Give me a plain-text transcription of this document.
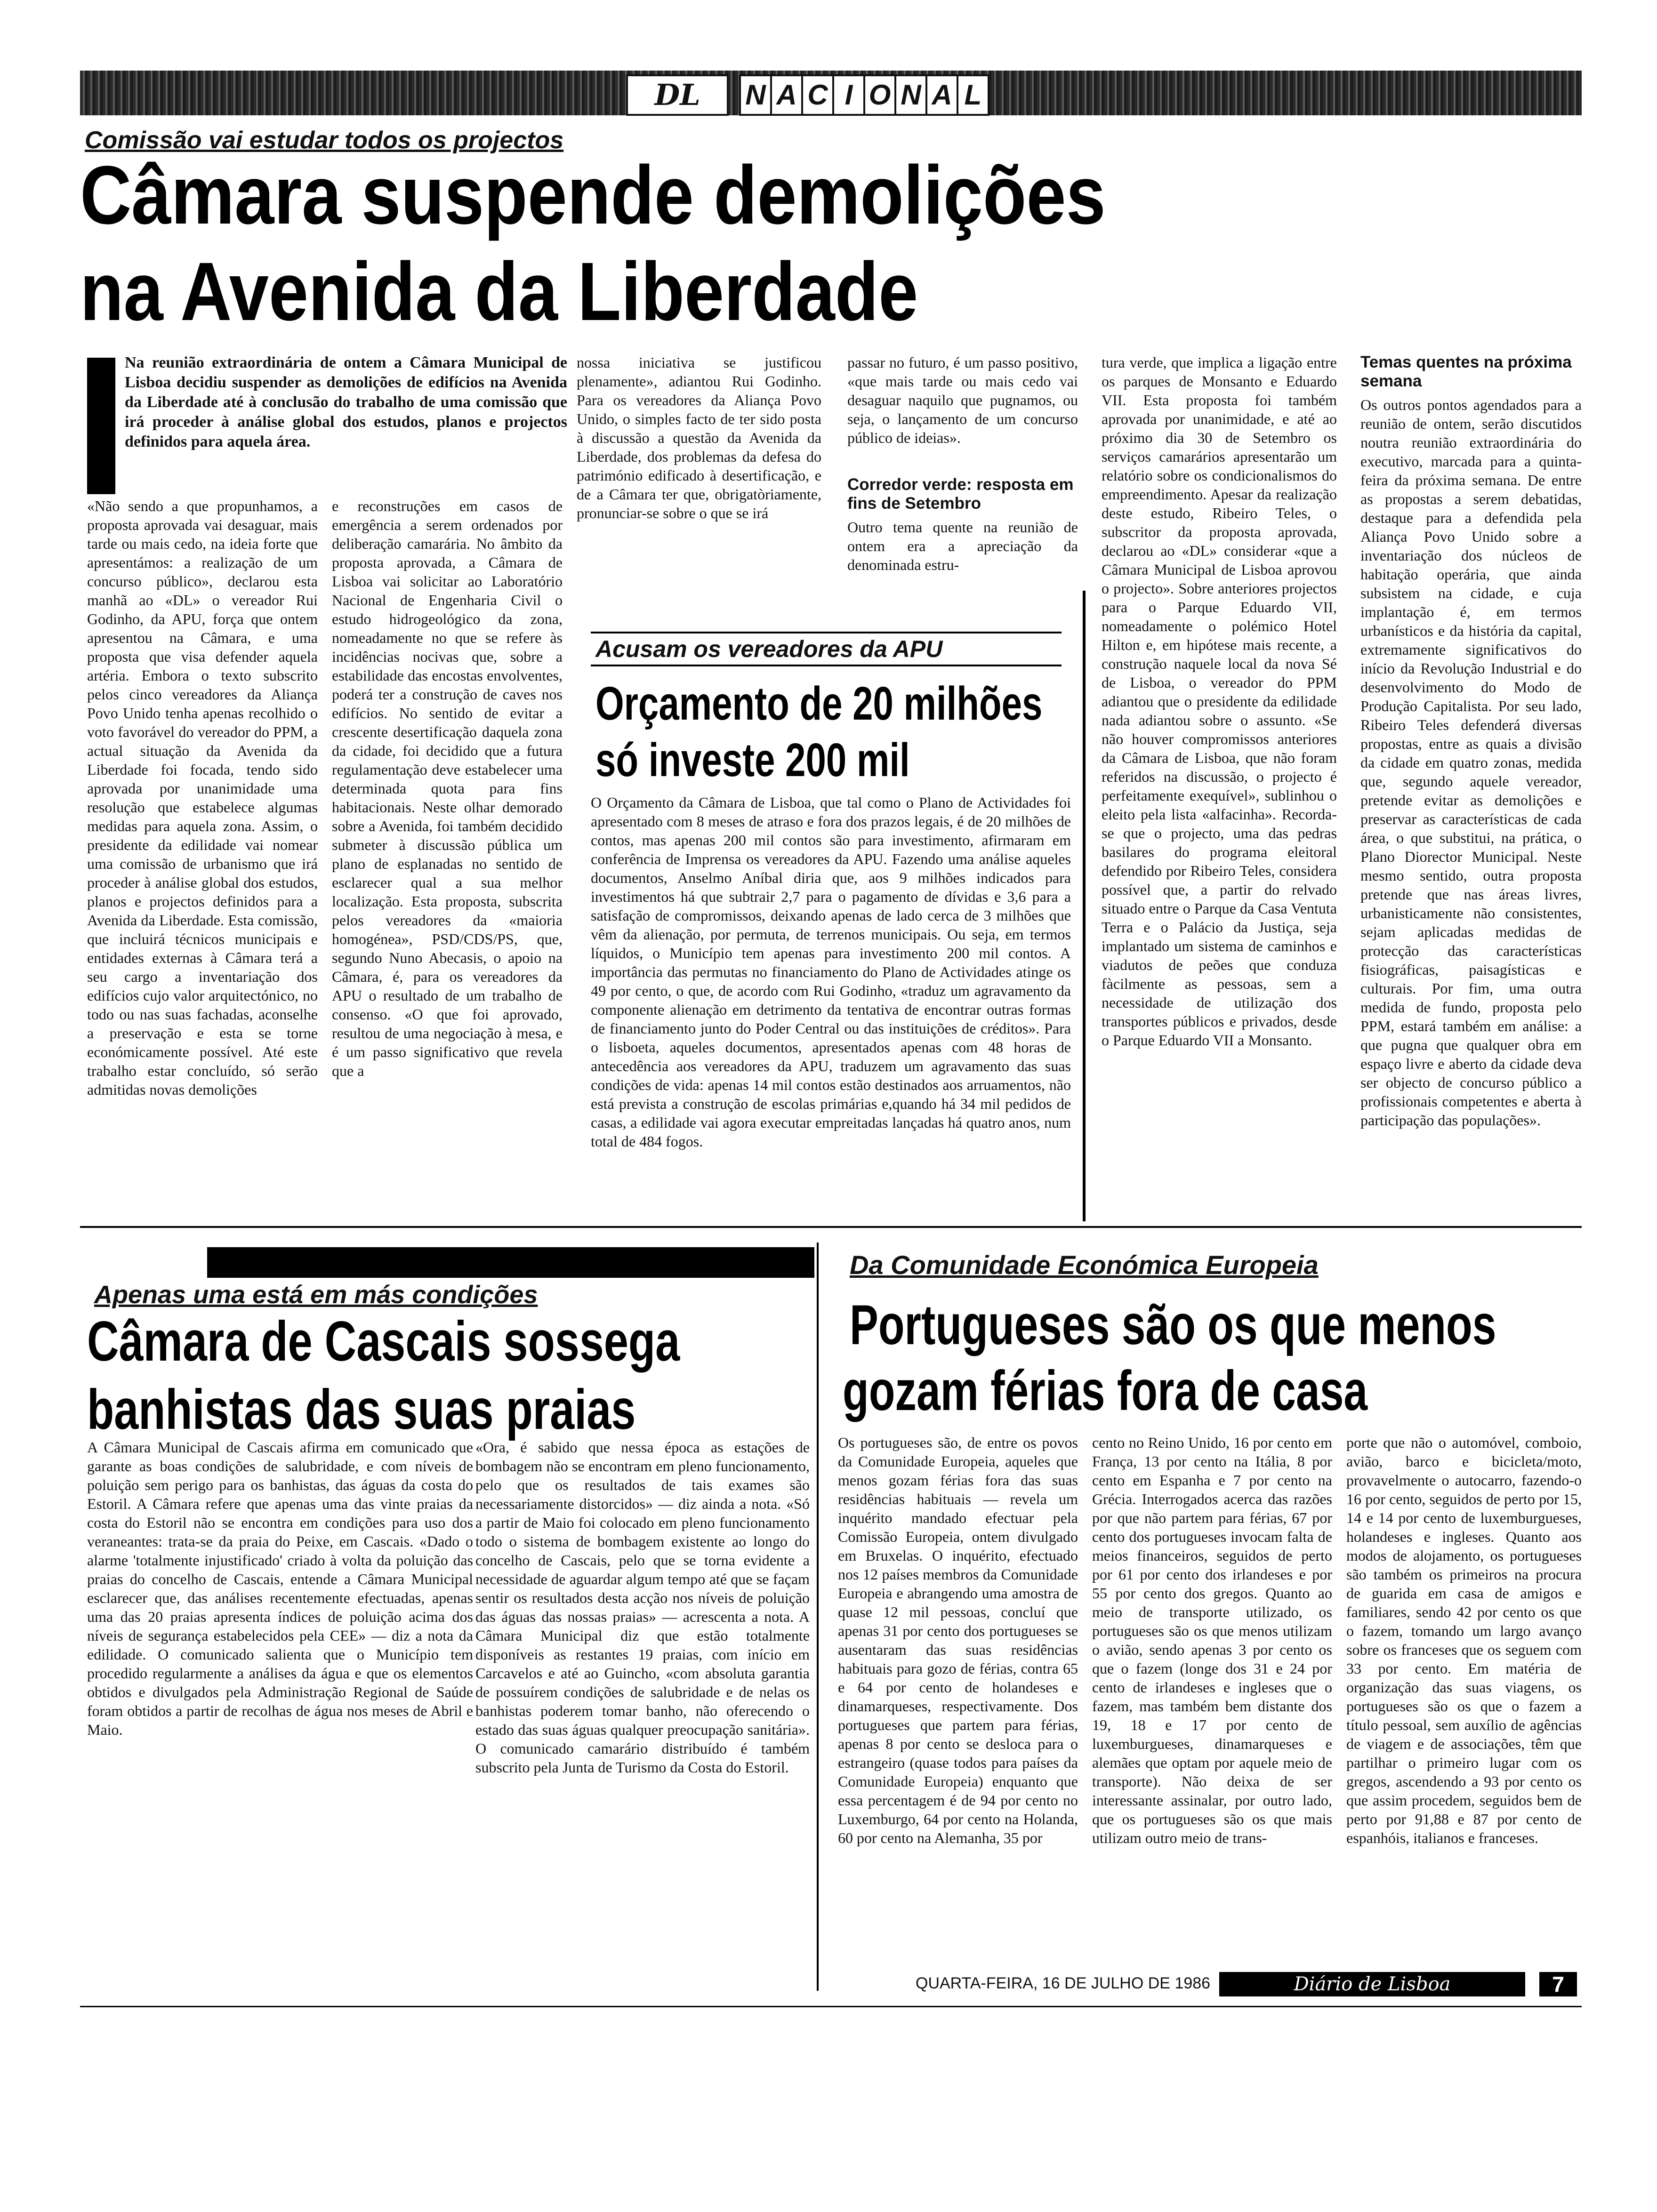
DL	N A C I O N A L
Comissão vai estudar todos os projectos
Câmara suspende demolições
na Avenida da Liberdade
Na reunião extraordinária de ontem a Câmara Municipal de Lisboa decidiu suspender as demolições de edifícios na Avenida da Liberdade até à conclusão do trabalho de uma comissão que irá proceder à análise global dos estudos, planos e projectos definidos para aquela área.
«Não sendo a que propunhamos, a proposta aprovada vai desaguar, mais tarde ou mais cedo, na ideia forte que apresentámos: a realização de um concurso público», declarou esta manhã ao «DL» o vereador Rui Godinho, da APU, força que ontem apresentou na Câmara, e uma proposta que visa defender aquela artéria. Embora o texto subscrito pelos cinco vereadores da Aliança Povo Unido tenha apenas recolhido o voto favorável do vereador do PPM, a actual situação da Avenida da Liberdade foi focada, tendo sido aprovada por unanimidade uma resolução que estabelece algumas medidas para aquela zona. Assim, o presidente da edilidade vai nomear uma comissão de urbanismo que irá proceder à análise global dos estudos, planos e projectos definidos para a Avenida da Liberdade. Esta comissão, que incluirá técnicos municipais e entidades externas à Câmara terá a seu cargo a inventariação dos edifícios cujo valor arquitectónico, no todo ou nas suas fachadas, aconselhe a preservação e esta se torne económicamente possível. Até este trabalho estar concluído, só serão admitidas novas demolições
e reconstruções em casos de emergência a serem ordenados por deliberação camarária. No âmbito da proposta aprovada, a Câmara de Lisboa vai solicitar ao Laboratório Nacional de Engenharia Civil o estudo hidrogeológico da zona, nomeadamente no que se refere às incidências nocivas que, sobre a estabilidade das encostas envolventes, poderá ter a construção de caves nos edifícios. No sentido de evitar a crescente desertificação daquela zona da cidade, foi decidido que a futura regulamentação deve estabelecer uma determinada quota para fins habitacionais. Neste olhar demorado sobre a Avenida, foi também decidido submeter à discussão pública um plano de esplanadas no sentido de esclarecer qual a sua melhor localização. Esta proposta, subscrita pelos vereadores da «maioria homogénea», PSD/CDS/PS, que, segundo Nuno Abecasis, o apoio na Câmara, é, para os vereadores da APU o resultado de um trabalho de consenso. «O que foi aprovado, resultou de uma negociação à mesa, e é um passo significativo que revela que a
nossa iniciativa se justificou plenamente», adiantou Rui Godinho. Para os vereadores da Aliança Povo Unido, o simples facto de ter sido posta à discussão a questão da Avenida da Liberdade, dos problemas da defesa do património edificado à desertificação, e de a Câmara ter que, obrigatòriamente, pronunciar-se sobre o que se irá
passar no futuro, é um passo positivo, «que mais tarde ou mais cedo vai desaguar naquilo que pugnamos, ou seja, o lançamento de um concurso público de ideias».
Corredor verde: resposta em fins de Setembro
Outro tema quente na reunião de ontem era a apreciação da denominada estru-
tura verde, que implica a ligação entre os parques de Monsanto e Eduardo VII. Esta proposta foi também aprovada por unanimidade, e até ao próximo dia 30 de Setembro os serviços camarários apresentarão um relatório sobre os condicionalismos do empreendimento. Apesar da realização deste estudo, Ribeiro Teles, o subscritor da proposta aprovada, declarou ao «DL» considerar «que a Câmara Municipal de Lisboa aprovou o projecto». Sobre anteriores projectos para o Parque Eduardo VII, nomeadamente o polémico Hotel Hilton e, em hipótese mais recente, a construção naquele local da nova Sé de Lisboa, o vereador do PPM adiantou que o presidente da edilidade nada adiantou sobre o assunto. «Se não houver compromissos anteriores da Câmara de Lisboa, que não foram referidos na discussão, o projecto é perfeitamente exequível», sublinhou o eleito pela lista «alfacinha». Recorda-se que o projecto, uma das pedras basilares do programa eleitoral defendido por Ribeiro Teles, considera possível que, a partir do relvado situado entre o Parque da Casa Ventuta Terra e o Palácio da Justiça, seja implantado um sistema de caminhos e viadutos de peões que conduza fàcilmente as pessoas, sem a necessidade de utilização dos transportes públicos e privados, desde o Parque Eduardo VII a Monsanto.
Temas quentes na próxima semana
Os outros pontos agendados para a reunião de ontem, serão discutidos noutra reunião extraordinária do executivo, marcada para a quinta-feira da próxima semana. De entre as propostas a serem debatidas, destaque para a defendida pela Aliança Povo Unido sobre a inventariação dos núcleos de habitação operária, que ainda subsistem na cidade, e cuja implantação é, em termos urbanísticos e da história da capital, extremamente significativos do início da Revolução Industrial e do desenvolvimento do Modo de Produção Capitalista. Por seu lado, Ribeiro Teles defenderá diversas propostas, entre as quais a divisão da cidade em quatro zonas, medida que, segundo aquele vereador, pretende evitar as demolições e preservar as características de cada área, o que substitui, na prática, o Plano Diorector Municipal. Neste mesmo sentido, outra proposta pretende que nas áreas livres, urbanisticamente não consistentes, sejam aplicadas medidas de protecção das características fisiográficas, paisagísticas e culturais. Por fim, uma outra medida de fundo, proposta pelo PPM, estará também em análise: a que pugna que qualquer obra em espaço livre e aberto da cidade deva ser objecto de concurso público a profissionais competentes e aberta à participação das populações».
Acusam os vereadores da APU
Orçamento de 20 milhões
só investe 200 mil
O Orçamento da Câmara de Lisboa, que tal como o Plano de Actividades foi apresentado com 8 meses de atraso e fora dos prazos legais, é de 20 milhões de contos, mas apenas 200 mil contos são para investimento, afirmaram em conferência de Imprensa os vereadores da APU. Fazendo uma análise aqueles documentos, Anselmo Aníbal diria que, aos 9 milhões indicados para investimentos há que subtrair 2,7 para o pagamento de dívidas e 3,6 para a satisfação de compromissos, deixando apenas de lado cerca de 3 milhões que vêm da alienação, por permuta, de terrenos municipais. Ou seja, em termos líquidos, o Município tem apenas para investimento 200 mil contos. A importância das permutas no financiamento do Plano de Actividades atinge os 49 por cento, o que, de acordo com Rui Godinho, «traduz um agravamento da componente alienação em detrimento da tentativa de encontrar outras formas de financiamento junto do Poder Central ou das instituições de créditos». Para o lisboeta, aqueles documentos, apresentados apenas com 48 horas de antecedência aos vereadores da APU, traduzem um agravamento das suas condições de vida: apenas 14 mil contos estão destinados aos arruamentos, não está prevista a construção de escolas primárias e,quando há 34 mil pedidos de casas, a edilidade vai agora executar empreitadas lançadas há quatro anos, num total de 484 fogos.
Apenas uma está em más condições
Câmara de Cascais sossega
banhistas das suas praias
A Câmara Municipal de Cascais afirma em comunicado que garante as boas condições de salubridade, e com níveis de poluição sem perigo para os banhistas, das águas da costa do Estoril. A Câmara refere que apenas uma das vinte praias da costa do Estoril não se encontra em condições para uso dos veraneantes: trata-se da praia do Peixe, em Cascais. «Dado o alarme 'totalmente injustificado' criado à volta da poluição das praias do concelho de Cascais, entende a Câmara Municipal esclarecer que, das análises recentemente efectuadas, apenas uma das 20 praias apresenta índices de poluição acima dos níveis de segurança estabelecidos pela CEE» — diz a nota da edilidade. O comunicado salienta que o Município tem procedido regularmente a análises da água e que os elementos obtidos e divulgados pela Administração Regional de Saúde foram obtidos a partir de recolhas de água nos meses de Abril e Maio.
«Ora, é sabido que nessa época as estações de bombagem não se encontram em pleno funcionamento, pelo que os resultados de tais exames são necessariamente distorcidos» — diz ainda a nota. «Só a partir de Maio foi colocado em pleno funcionamento todo o sistema de bombagem existente ao longo do concelho de Cascais, pelo que se torna evidente a necessidade de aguardar algum tempo até que se façam sentir os resultados desta acção nos níveis de poluição das águas das nossas praias» — acrescenta a nota. A Câmara Municipal diz que estão totalmente disponíveis as restantes 19 praias, com início em Carcavelos e até ao Guincho, «com absoluta garantia de possuírem condições de salubridade e de nelas os banhistas poderem tomar banho, não oferecendo o estado das suas águas qualquer preocupação sanitária». O comunicado camarário distribuído é também subscrito pela Junta de Turismo da Costa do Estoril.
Da Comunidade Económica Europeia
Portugueses são os que menos
gozam férias fora de casa
Os portugueses são, de entre os povos da Comunidade Europeia, aqueles que menos gozam férias fora das suas residências habituais — revela um inquérito mandado efectuar pela Comissão Europeia, ontem divulgado em Bruxelas. O inquérito, efectuado nos 12 países membros da Comunidade Europeia e abrangendo uma amostra de quase 12 mil pessoas, concluí que apenas 31 por cento dos portugueses se ausentaram das suas residências habituais para gozo de férias, contra 65 e 64 por cento de holandeses e dinamarqueses, respectivamente. Dos portugueses que partem para férias, apenas 8 por cento se desloca para o estrangeiro (quase todos para países da Comunidade Europeia) enquanto que essa percentagem é de 94 por cento no Luxemburgo, 64 por cento na Holanda, 60 por cento na Alemanha, 35 por
cento no Reino Unido, 16 por cento em França, 13 por cento na Itália, 8 por cento em Espanha e 7 por cento na Grécia. Interrogados acerca das razões por que não partem para férias, 67 por cento dos portugueses invocam falta de meios financeiros, seguidos de perto por 61 por cento dos irlandeses e por 55 por cento dos gregos. Quanto ao meio de transporte utilizado, os portugueses são os que menos utilizam o avião, sendo apenas 3 por cento os que o fazem (longe dos 31 e 24 por cento de irlandeses e ingleses que o fazem, mas também bem distante dos 19, 18 e 17 por cento de luxemburgueses, dinamarqueses e alemães que optam por aquele meio de transporte). Não deixa de ser interessante assinalar, por outro lado, que os portugueses são os que mais utilizam outro meio de trans-
porte que não o automóvel, comboio, avião, barco e bicicleta/moto, provavelmente o autocarro, fazendo-o 16 por cento, seguidos de perto por 15, 14 e 14 por cento de luxemburgueses, holandeses e ingleses. Quanto aos modos de alojamento, os portugueses são também os primeiros na procura de guarida em casa de amigos e familiares, sendo 42 por cento os que o fazem, tomando um largo avanço sobre os franceses que os seguem com 33 por cento. Em matéria de organização das suas viagens, os portugueses são os que o fazem a título pessoal, sem auxílio de agências de viagem e de associações, têm que partilhar o primeiro lugar com os gregos, ascendendo a 93 por cento os que assim procedem, seguidos bem de perto por 91,88 e 87 por cento de espanhóis, italianos e franceses.
QUARTA-FEIRA, 16 DE JULHO DE 1986	Diário de Lisboa	7
